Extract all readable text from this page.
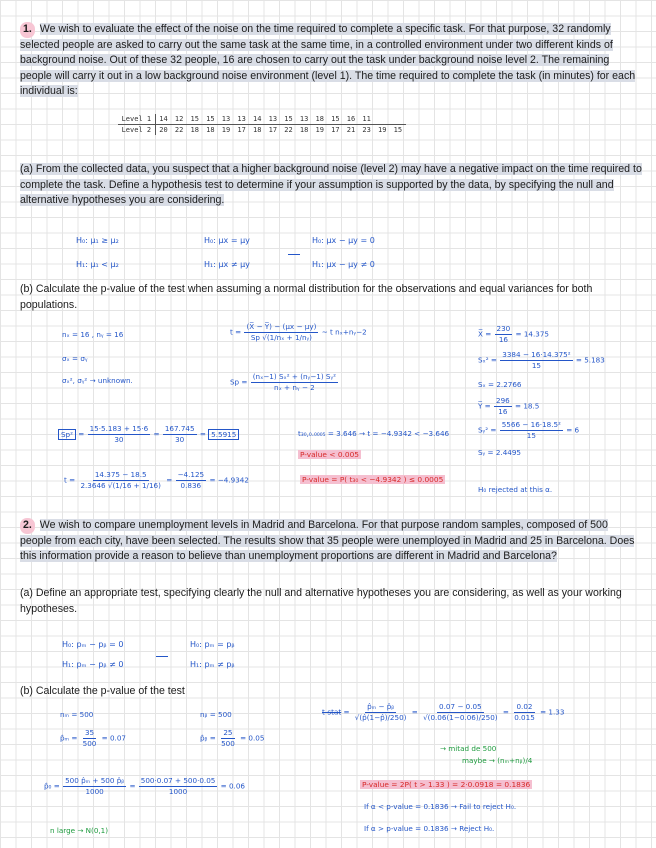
1. We wish to evaluate the effect of the noise on the time required to complete a specific task. For that purpose, 32 randomly selected people are asked to carry out the same task at the same time, in a controlled environment under two different kinds of background noise. Out of these 32 people, 16 are chosen to carry out the task under background noise level 2. The remaining people will carry it out in a low background noise environment (level 1). The time required to complete the task (in minutes) for each individual is:
Level 1	14	12	15	15	13	13	14	13	15	13	18	15	16	11		
Level 2	20	22	18	18	19	17	18	17	22	18	19	17	21	23	19	15
(a) From the collected data, you suspect that a higher background noise (level 2) may have a negative impact on the time required to complete the task. Define a hypothesis test to determine if your assumption is supported by the data, by specifying the null and alternative hypotheses you are considering.
H₀: μ₁ ≥ μ₂
H₁: μ₁ < μ₂
H₀: μx = μy
H₁: μx ≠ μy
H₀: μx − μy = 0
H₁: μx − μy ≠ 0
(b) Calculate the p-value of the test when assuming a normal distribution for the observations and equal variances for both populations.
nₓ = 16 , nᵧ = 16
σₓ = σᵧ
σₓ², σᵧ² → unknown.
$t = \frac{(X̅ - Y̅) - (\mu x - \mu y)}{\text{Sp √(1/nₓ + 1/nᵧ)}}$ ~ t nₓ+nᵧ−2
$Sp = \frac{\text{(nₓ−1) Sₓ² + (nᵧ−1) Sᵧ²}}{\text{nₓ + nᵧ − 2}}$
X̅ = $\frac{230}{16} = 14.375$
$S_x^2 = \frac{\text{3384 − 16·14.375²}}{15} = 5.183$
Sₓ = 2.2766
Y̅ = $\frac{296}{16} = 18.5$
Sᵧ² = $\frac{\text{5566 − 16·18.5²}}{15} = 6$
Sᵧ = 2.4495
$Sp^2 = \frac{15\cdot 5.183 + 15\cdot 6}{30} = \frac{167.745}{30} = 5.5915$	t₃₀,₀.₀₀₀₅ = 3.646 → t = −4.9342 < −3.646
P-value < 0.005
$t = \frac{14.375 - 18.5}{2.3646 √(1/16 + 1/16)} = \frac{-4.125}{0.836} = -4.9342$	P-value = P( t₃₀ < −4.9342 ) ≤ 0.0005
H₀ rejected at this α.
2. We wish to compare unemployment levels in Madrid and Barcelona. For that purpose random samples, composed of 500 people from each city, have been selected. The results show that 35 people were unemployed in Madrid and 25 in Barcelona. Does this information provide a reason to believe than unemployment proportions are different in Madrid and Barcelona?
(a) Define an appropriate test, specifying clearly the null and alternative hypotheses you are considering, as well as your working hypotheses.
H₀: pₘ − pᵦ = 0
H₁: pₘ − pᵦ ≠ 0
H₀: pₘ = pᵦ
H₁: pₘ ≠ pᵦ
(b) Calculate the p-value of the test
nₘ = 500	nᵦ = 500
p̂ₘ = $\frac{35}{500} = 0.07$	p̂ᵦ = $\frac{25}{500} = 0.05$
t-stat = $\frac{\text{p̂ₘ − p̂ᵦ}}{√(p̂(1-p̂)/250)} = \frac{0.07 - 0.05}{√(0.06(1-0.06)/250)} = \frac{0.02}{0.015} = 1.33$
→ mitad de 500
maybe → (nₘ+nᵦ)/4
p̂₀ = $\frac{\text{500 p̂ₘ + 500 p̂ᵦ}}{1000} = \frac{500\cdot 0.07 + 500\cdot 0.05}{1000} = 0.06$	P-value = 2P( t > 1.33 ) = 2·0.0918 = 0.1836
If α < p-value = 0.1836 → Fail to reject H₀.
If α > p-value = 0.1836 → Reject H₀.
n large → N(0,1)
